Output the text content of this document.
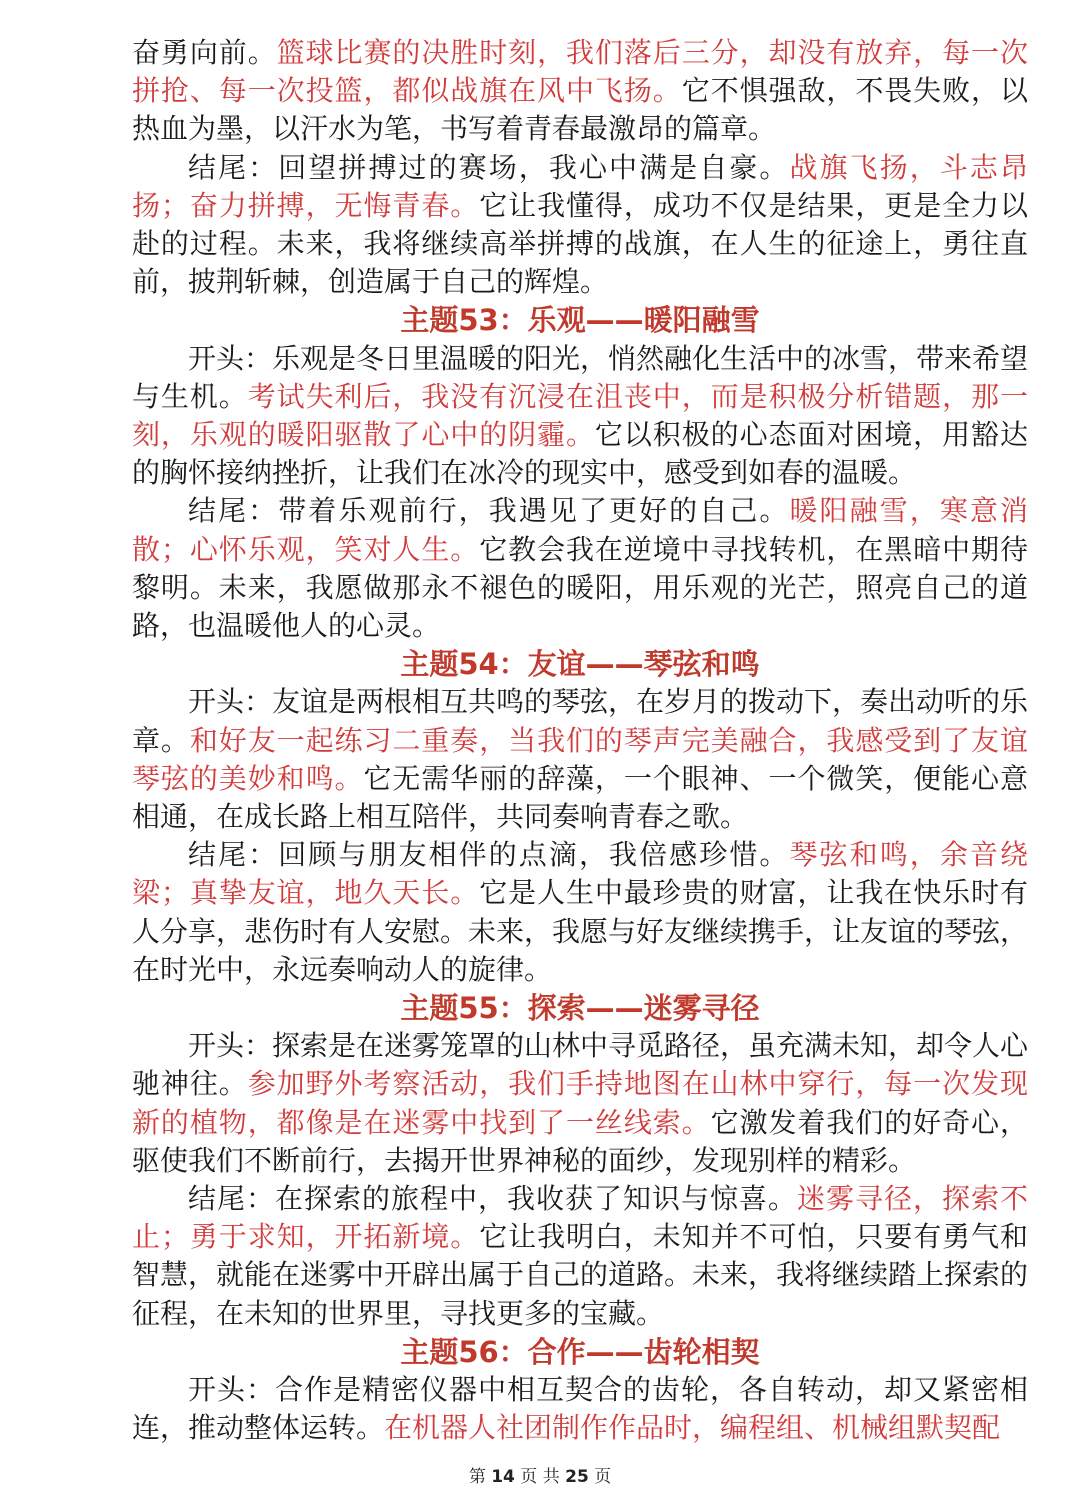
奋勇向前。篮球比赛的决胜时刻，我们落后三分，却没有放弃，每一次拼抢、每一次投篮，都似战旗在风中飞扬。它不惧强敌，不畏失败，以热血为墨，以汗水为笔，书写着青春最激昂的篇章。

结尾：回望拼搏过的赛场，我心中满是自豪。战旗飞扬，斗志昂扬；奋力拼搏，无悔青春。它让我懂得，成功不仅是结果，更是全力以赴的过程。未来，我将继续高举拼搏的战旗，在人生的征途上，勇往直前，披荆斩棘，创造属于自己的辉煌。

主题53：乐观——暖阳融雪

开头：乐观是冬日里温暖的阳光，悄然融化生活中的冰雪，带来希望与生机。考试失利后，我没有沉浸在沮丧中，而是积极分析错题，那一刻，乐观的暖阳驱散了心中的阴霾。它以积极的心态面对困境，用豁达的胸怀接纳挫折，让我们在冰冷的现实中，感受到如春的温暖。

结尾：带着乐观前行，我遇见了更好的自己。暖阳融雪，寒意消散；心怀乐观，笑对人生。它教会我在逆境中寻找转机，在黑暗中期待黎明。未来，我愿做那永不褪色的暖阳，用乐观的光芒，照亮自己的道路，也温暖他人的心灵。

主题54：友谊——琴弦和鸣

开头：友谊是两根相互共鸣的琴弦，在岁月的拨动下，奏出动听的乐章。和好友一起练习二重奏，当我们的琴声完美融合，我感受到了友谊琴弦的美妙和鸣。它无需华丽的辞藻，一个眼神、一个微笑，便能心意相通，在成长路上相互陪伴，共同奏响青春之歌。

结尾：回顾与朋友相伴的点滴，我倍感珍惜。琴弦和鸣，余音绕梁；真挚友谊，地久天长。它是人生中最珍贵的财富，让我在快乐时有人分享，悲伤时有人安慰。未来，我愿与好友继续携手，让友谊的琴弦，在时光中，永远奏响动人的旋律。

主题55：探索——迷雾寻径

开头：探索是在迷雾笼罩的山林中寻觅路径，虽充满未知，却令人心驰神往。参加野外考察活动，我们手持地图在山林中穿行，每一次发现新的植物，都像是在迷雾中找到了一丝线索。它激发着我们的好奇心，驱使我们不断前行，去揭开世界神秘的面纱，发现别样的精彩。

结尾：在探索的旅程中，我收获了知识与惊喜。迷雾寻径，探索不止；勇于求知，开拓新境。它让我明白，未知并不可怕，只要有勇气和智慧，就能在迷雾中开辟出属于自己的道路。未来，我将继续踏上探索的征程，在未知的世界里，寻找更多的宝藏。

主题56：合作——齿轮相契

开头：合作是精密仪器中相互契合的齿轮，各自转动，却又紧密相连，推动整体运转。在机器人社团制作作品时，编程组、机械组默契配

第 14 页 共 25 页
